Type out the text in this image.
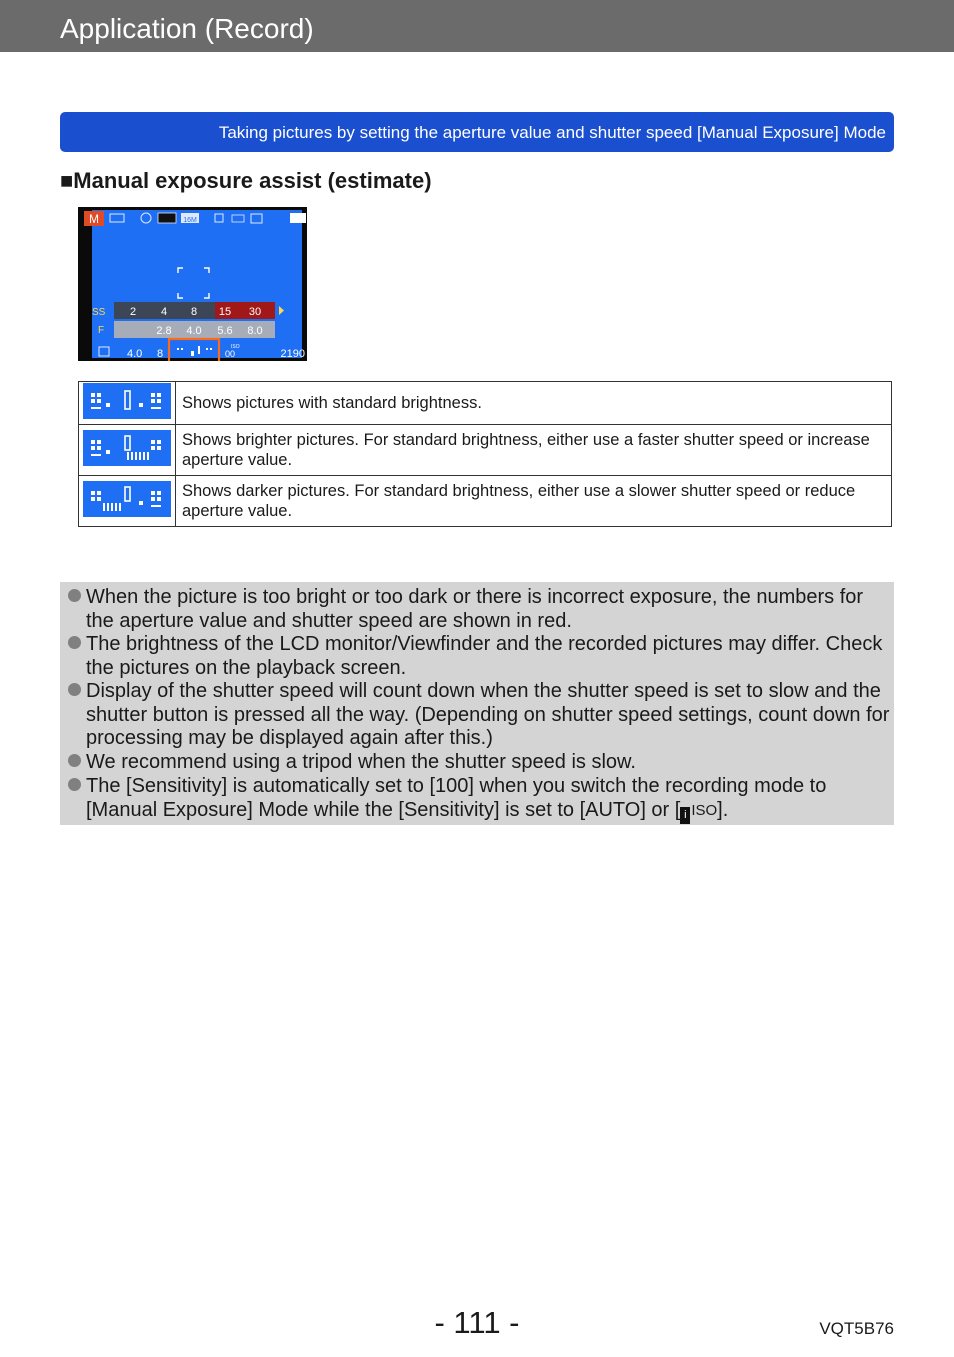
Application (Record)
Taking pictures by setting the aperture value and shutter speed [Manual Exposure] Mode
■Manual exposure assist (estimate)
M	16M
SS
F
2 4 8 15 30
2.8 4.0 5.6 8.0
4.0 8
ISO
00	2190
	Shows pictures with standard brightness.
	Shows brighter pictures. For standard brightness, either use a faster shutter speed or increase aperture value.
	Shows darker pictures. For standard brightness, either use a slower shutter speed or reduce aperture value.
When the picture is too bright or too dark or there is incorrect exposure, the numbers for the aperture value and shutter speed are shown in red.
The brightness of the LCD monitor/Viewfinder and the recorded pictures may differ. Check the pictures on the playback screen.
Display of the shutter speed will count down when the shutter speed is set to slow and the shutter button is pressed all the way. (Depending on shutter speed settings, count down for processing may be displayed again after this.)
We recommend using a tripod when the shutter speed is slow.
The [Sensitivity] is automatically set to [100] when you switch the recording mode to [Manual Exposure] Mode while the [Sensitivity] is set to [AUTO] or [ i ISO].
- 111 -	VQT5B76
